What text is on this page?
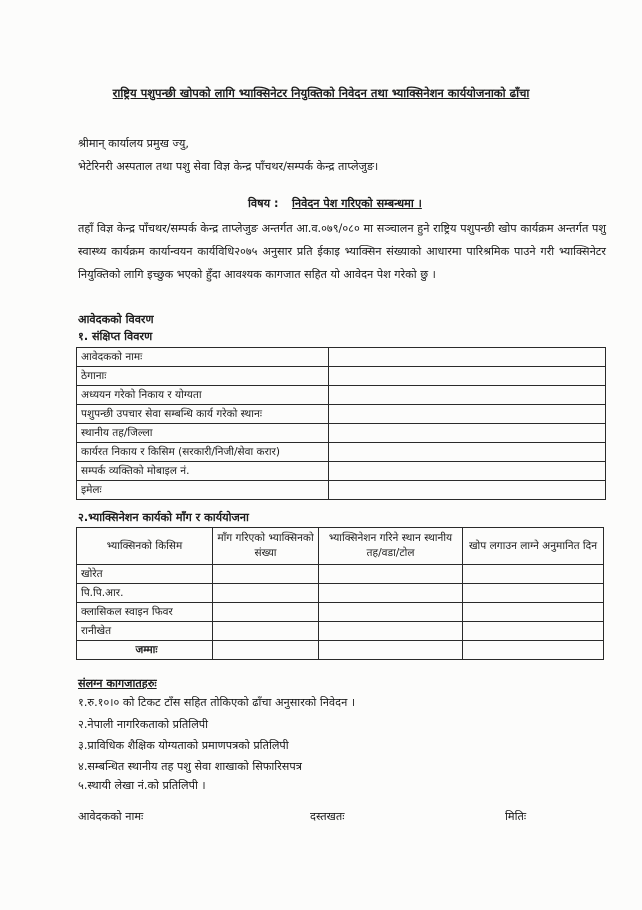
राष्ट्रिय पशुपन्छी खोपको लागि भ्याक्सिनेटर नियुक्तिको निवेदन तथा भ्याक्सिनेशन कार्ययोजनाको ढाँचा
श्रीमान् कार्यालय प्रमुख ज्यु,
भेटेरिनरी अस्पताल तथा पशु सेवा विज्ञ केन्द्र पाँचथर/सम्पर्क केन्द्र ताप्लेजुङ।
विषय : निवेदन पेश गरिएको सम्बन्धमा ।
तहाँ विज्ञ केन्द्र पाँचथर/सम्पर्क केन्द्र ताप्लेजुङ अन्तर्गत आ.व.०७९/०८० मा सञ्चालन हुने राष्ट्रिय पशुपन्छी खोप कार्यक्रम अन्तर्गत पशु स्वास्थ्य कार्यक्रम कार्यान्वयन कार्यविधि२०७५ अनुसार प्रति ईकाइ भ्याक्सिन संख्याको आधारमा पारिश्रमिक पाउने गरी भ्याक्सिनेटर नियुक्तिको लागि इच्छुक भएको हुँदा आवश्यक कागजात सहित यो आवेदन पेश गरेको छु ।
आवेदकको विवरण
१. संक्षिप्त विवरण
आवेदकको नामः	
ठेगानाः	
अध्ययन गरेको निकाय र योग्यता	
पशुपन्छी उपचार सेवा सम्बन्धि कार्य गरेको स्थानः	
स्थानीय तह/जिल्ला	
कार्यरत निकाय र किसिम (सरकारी/निजी/सेवा करार)	
सम्पर्क व्यक्तिको मोबाइल नं.	
इमेलः	
२.भ्याक्सिनेशन कार्यको माँग र कार्ययोजना
भ्याक्सिनको किसिम	माँग गरिएको भ्याक्सिनको संख्या	भ्याक्सिनेशन गरिने स्थान स्थानीय तह/वडा/टोल	खोप लगाउन लाग्ने अनुमानित दिन
खोरेत			
पि.पि.आर.			
क्लासिकल स्वाइन फिवर			
रानीखेत			
जम्माः			
संलग्न कागजातहरुः
१.रु.१०।० को टिकट टाँस सहित तोकिएको ढाँचा अनुसारको निवेदन ।
२.नेपाली नागरिकताको प्रतिलिपी
३.प्राविधिक शैक्षिक योग्यताको प्रमाणपत्रको प्रतिलिपी
४.सम्बन्धित स्थानीय तह पशु सेवा शाखाको सिफारिसपत्र
५.स्थायी लेखा नं.को प्रतिलिपी ।
आवेदकको नामः	दस्तखतः	मितिः
